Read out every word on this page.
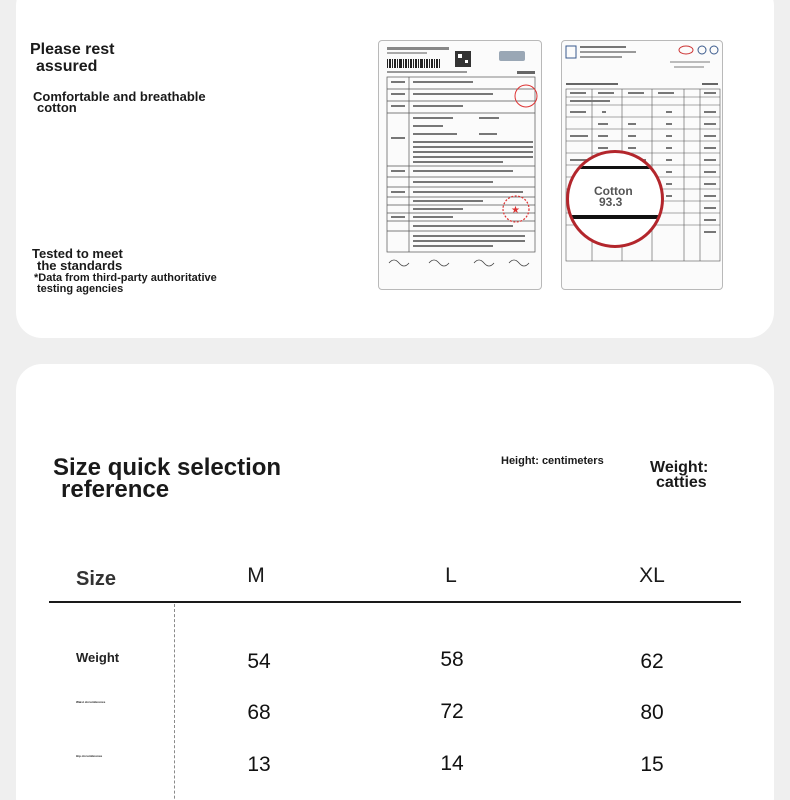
Please rest
assured
Comfortable and breathable
cotton
Tested to meet
the standards
*Data from third-party authoritative
testing agencies
★
Cotton
93.3
Size quick selection
reference
Height: centimeters	Weight:
catties
Size	M	L	XL
Weight	54	58	62
Waist circumference	68	72	80
Hip circumference	13	14	15
